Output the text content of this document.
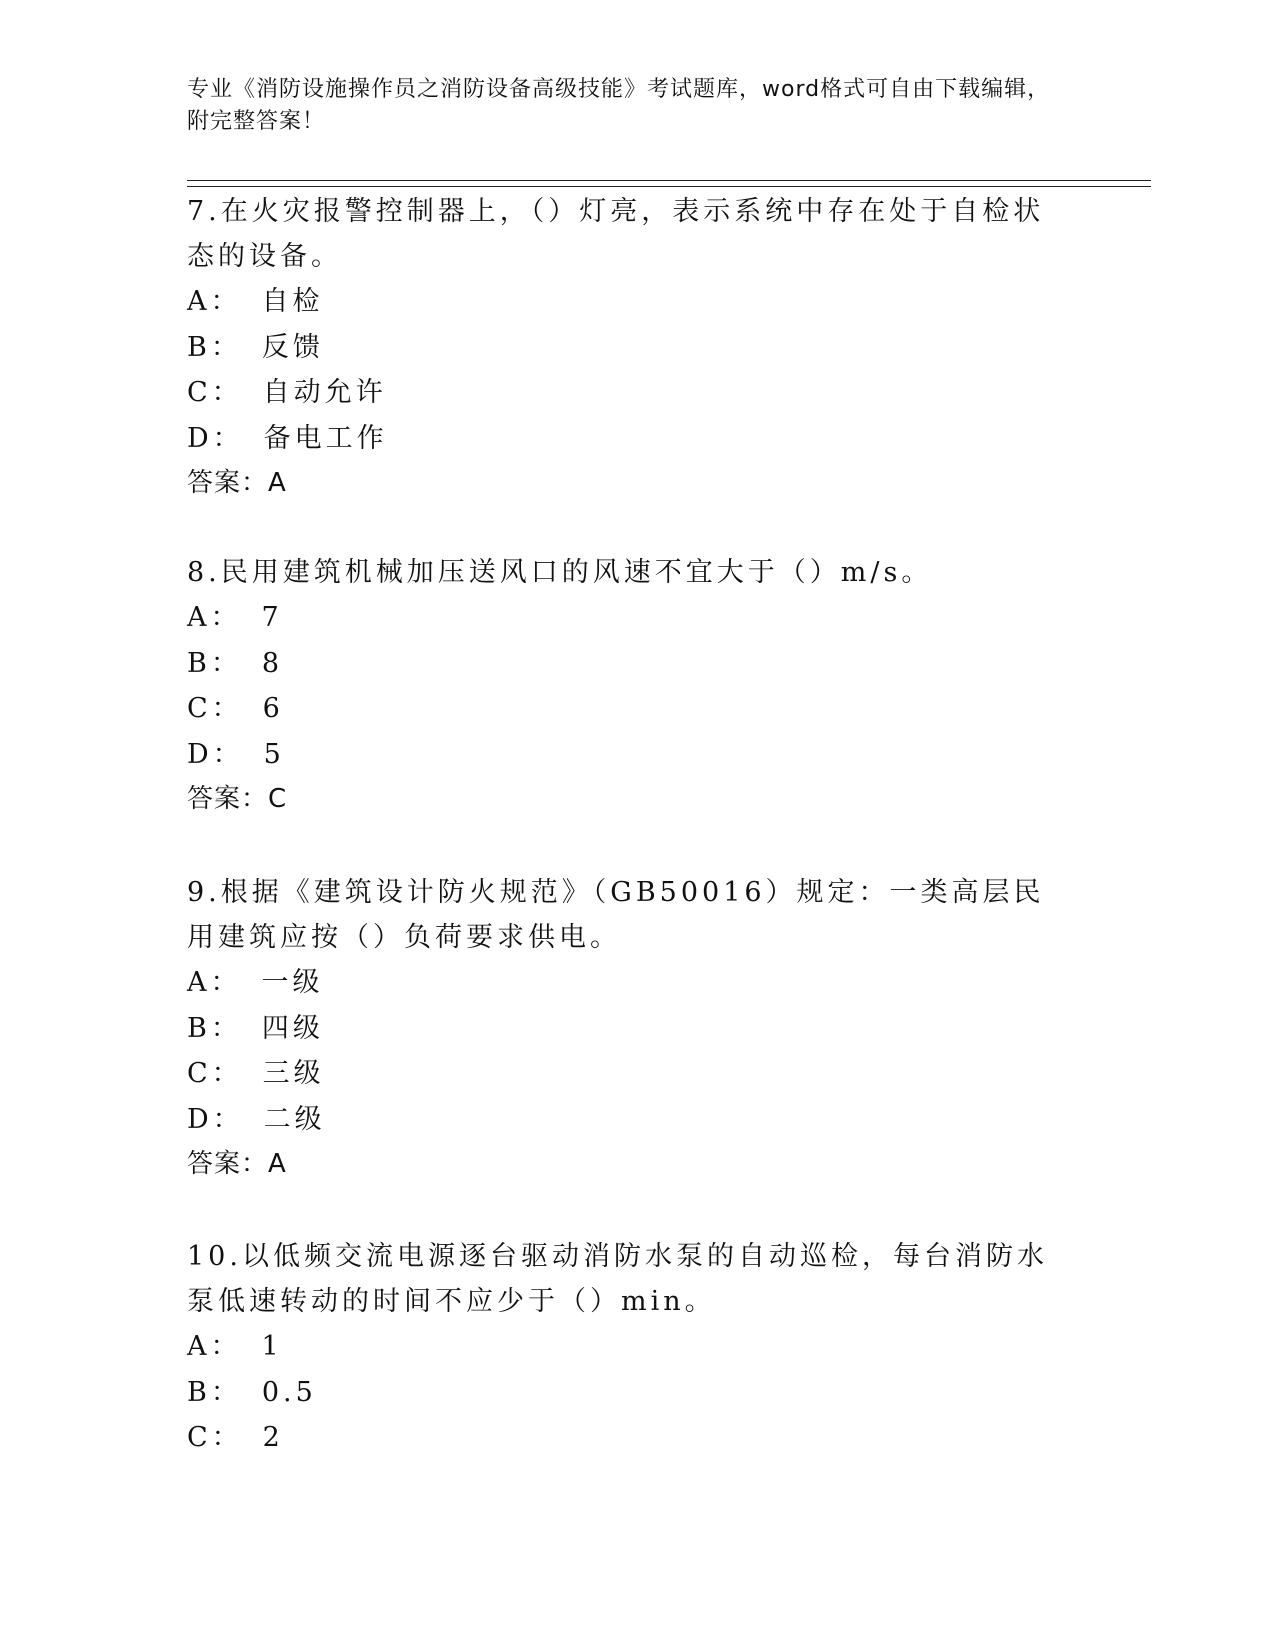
专业《消防设施操作员之消防设备高级技能》考试题库，word格式可自由下载编辑，附完整答案！

7.在火灾报警控制器上，（）灯亮，表示系统中存在处于自检状态的设备。

A： 自检

B： 反馈

C： 自动允许

D： 备电工作

答案：A

8.民用建筑机械加压送风口的风速不宜大于（）m/s。

A： 7

B： 8

C： 6

D： 5

答案：C

9.根据《建筑设计防火规范》（GB50016）规定：一类高层民用建筑应按（）负荷要求供电。

A： 一级

B： 四级

C： 三级

D： 二级

答案：A

10.以低频交流电源逐台驱动消防水泵的自动巡检，每台消防水泵低速转动的时间不应少于（）min。

A： 1

B： 0.5

C： 2
